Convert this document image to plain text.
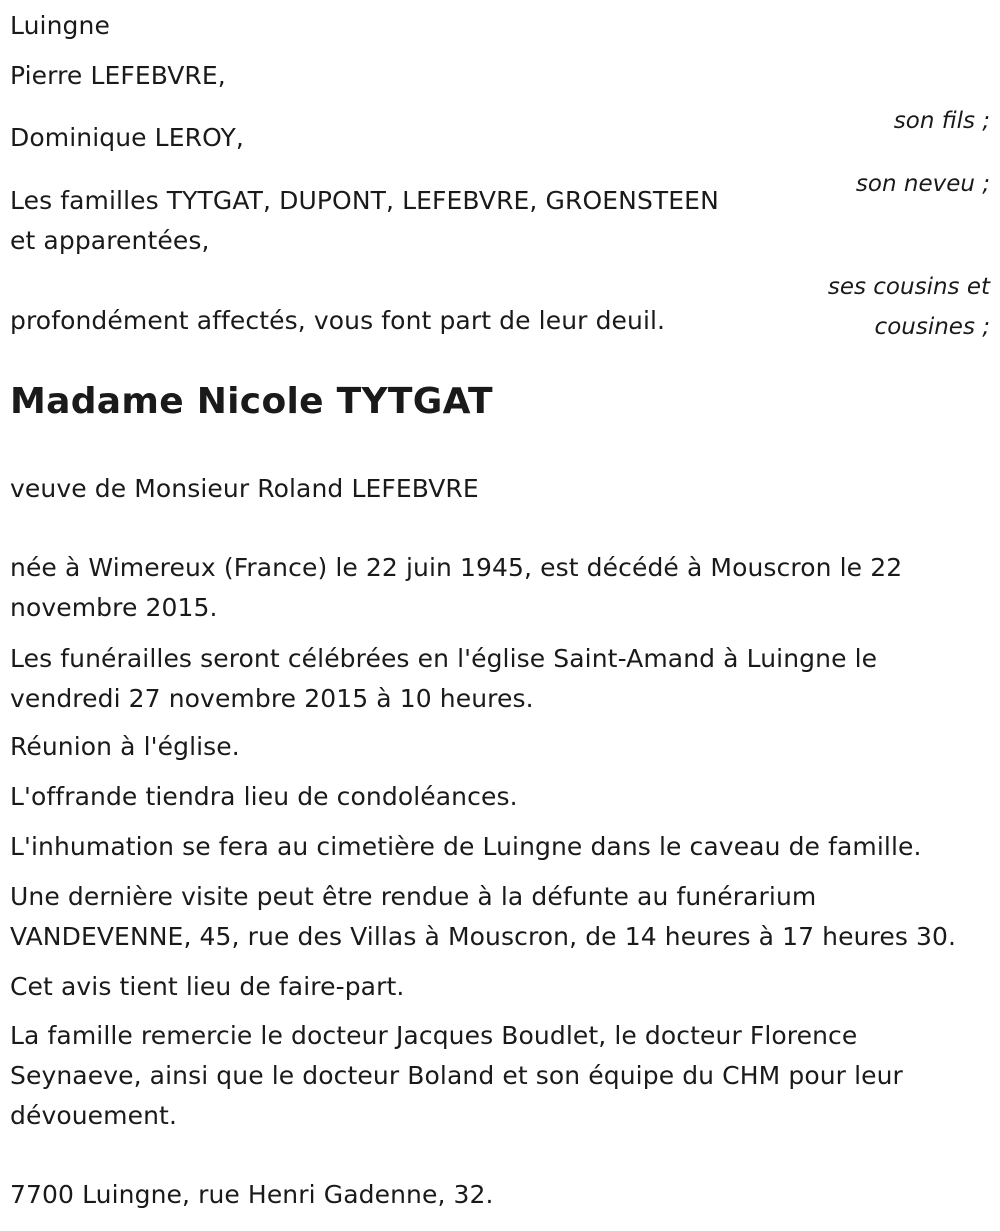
Luingne

Pierre LEFEBVRE,

son fils ;

Dominique LEROY,

son neveu ;

Les familles TYTGAT, DUPONT, LEFEBVRE, GROENSTEEN

et apparentées,

ses cousins et

cousines ;

profondément affectés, vous font part de leur deuil.

Madame Nicole TYTGAT

veuve de Monsieur Roland LEFEBVRE

née à Wimereux (France) le 22 juin 1945, est décédé à Mouscron le 22 novembre 2015.

Les funérailles seront célébrées en l'église Saint-Amand à Luingne le vendredi 27 novembre 2015 à 10 heures.

Réunion à l'église.

L'offrande tiendra lieu de condoléances.

L'inhumation se fera au cimetière de Luingne dans le caveau de famille.

Une dernière visite peut être rendue à la défunte au funérarium VANDEVENNE, 45, rue des Villas à Mouscron, de 14 heures à 17 heures 30.

Cet avis tient lieu de faire-part.

La famille remercie le docteur Jacques Boudlet, le docteur Florence Seynaeve, ainsi que le docteur Boland et son équipe du CHM pour leur dévouement.

7700 Luingne, rue Henri Gadenne, 32.
